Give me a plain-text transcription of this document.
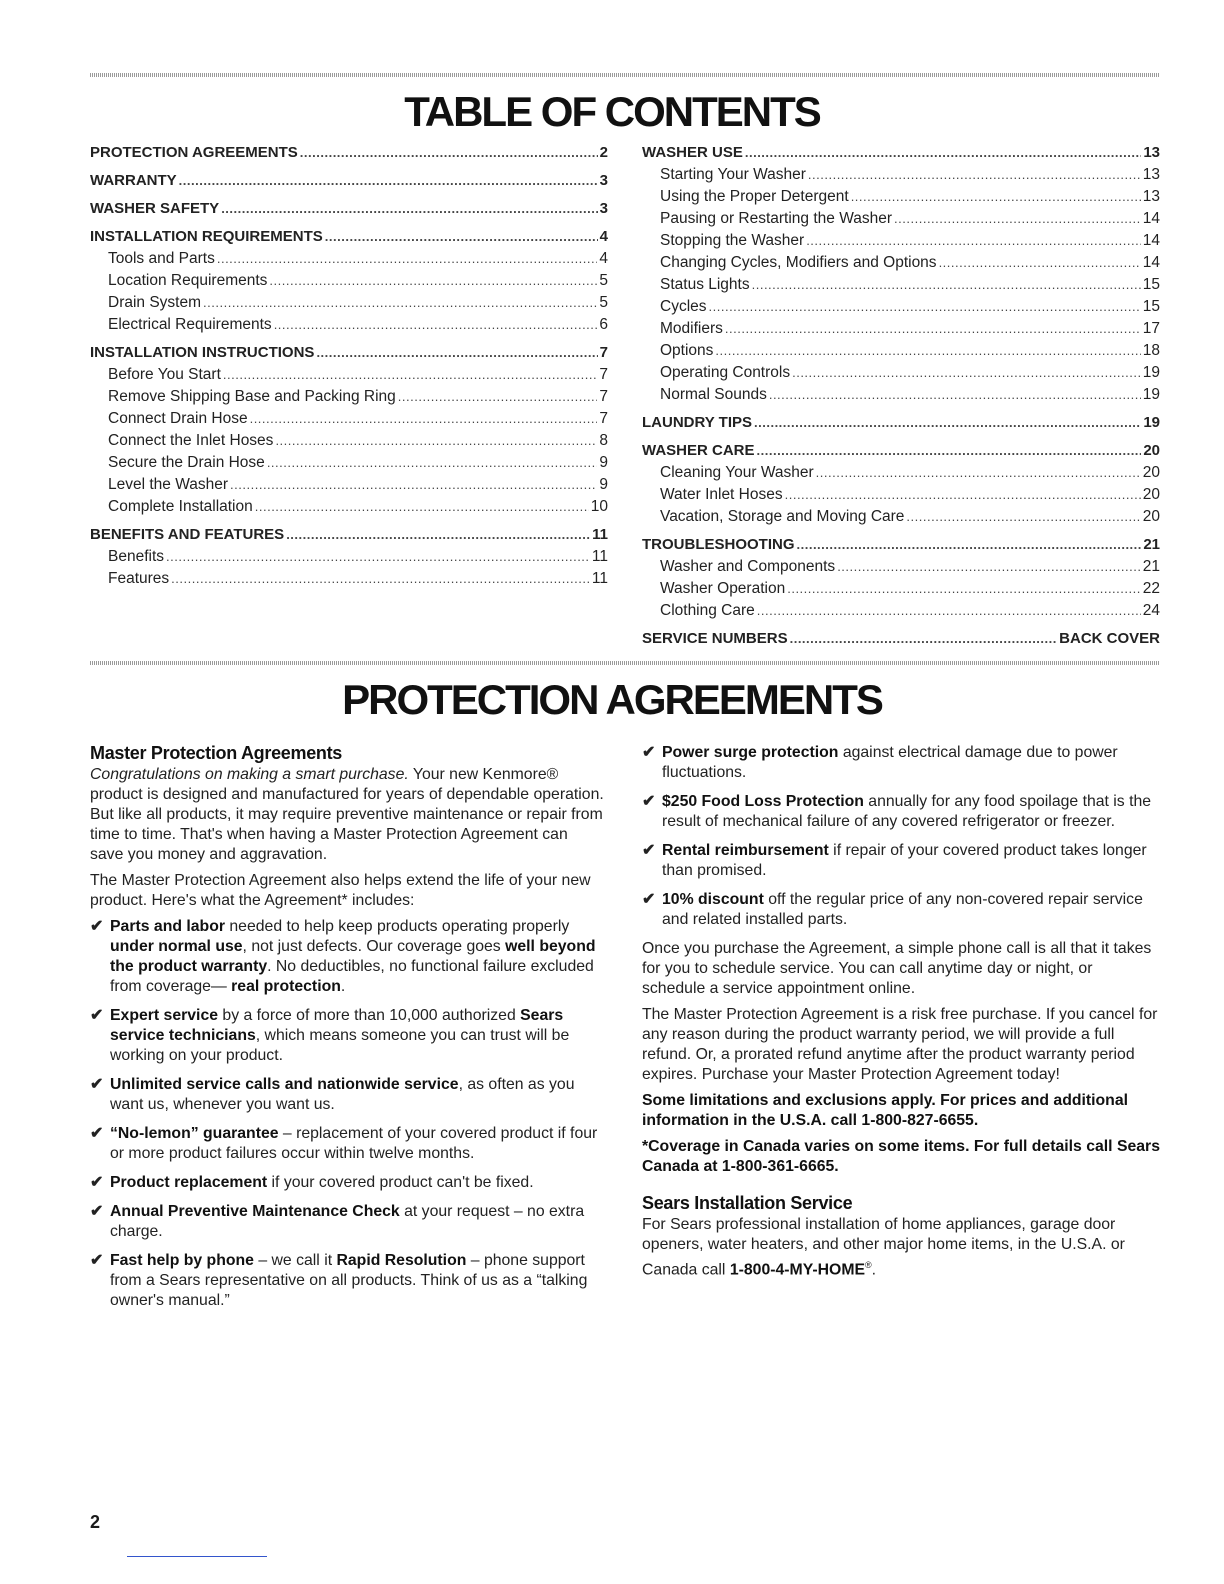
TABLE OF CONTENTS
PROTECTION AGREEMENTS .....	2
WARRANTY .....	3
WASHER SAFETY .....	3
INSTALLATION REQUIREMENTS .....	4
Tools and Parts .....	4
Location Requirements .....	5
Drain System .....	5
Electrical Requirements .....	6
INSTALLATION INSTRUCTIONS .....	7
Before You Start .....	7
Remove Shipping Base and Packing Ring .....	7
Connect Drain Hose .....	7
Connect the Inlet Hoses .....	8
Secure the Drain Hose .....	9
Level the Washer .....	9
Complete Installation .....	10
BENEFITS AND FEATURES .....	11
Benefits .....	11
Features .....	11
WASHER USE .....	13
Starting Your Washer .....	13
Using the Proper Detergent .....	13
Pausing or Restarting the Washer .....	14
Stopping the Washer .....	14
Changing Cycles, Modifiers and Options .....	14
Status Lights .....	15
Cycles .....	15
Modifiers .....	17
Options .....	18
Operating Controls .....	19
Normal Sounds .....	19
LAUNDRY TIPS .....	19
WASHER CARE .....	20
Cleaning Your Washer .....	20
Water Inlet Hoses .....	20
Vacation, Storage and Moving Care .....	20
TROUBLESHOOTING .....	21
Washer and Components .....	21
Washer Operation .....	22
Clothing Care .....	24
SERVICE NUMBERS .....	BACK COVER
PROTECTION AGREEMENTS
Master Protection Agreements

Congratulations on making a smart purchase. Your new Kenmore® product is designed and manufactured for years of dependable operation. But like all products, it may require preventive maintenance or repair from time to time. That's when having a Master Protection Agreement can save you money and aggravation.

The Master Protection Agreement also helps extend the life of your new product. Here's what the Agreement* includes:

✔ Parts and labor needed to help keep products operating properly under normal use, not just defects. Our coverage goes well beyond the product warranty. No deductibles, no functional failure excluded from coverage— real protection.
✔ Expert service by a force of more than 10,000 authorized Sears service technicians, which means someone you can trust will be working on your product.
✔ Unlimited service calls and nationwide service, as often as you want us, whenever you want us.
✔ “No-lemon” guarantee – replacement of your covered product if four or more product failures occur within twelve months.
✔ Product replacement if your covered product can't be fixed.
✔ Annual Preventive Maintenance Check at your request – no extra charge.
✔ Fast help by phone – we call it Rapid Resolution – phone support from a Sears representative on all products. Think of us as a “talking owner's manual.”
✔ Power surge protection against electrical damage due to power fluctuations.
✔ $250 Food Loss Protection annually for any food spoilage that is the result of mechanical failure of any covered refrigerator or freezer.
✔ Rental reimbursement if repair of your covered product takes longer than promised.
✔ 10% discount off the regular price of any non-covered repair service and related installed parts.

Once you purchase the Agreement, a simple phone call is all that it takes for you to schedule service. You can call anytime day or night, or schedule a service appointment online.

The Master Protection Agreement is a risk free purchase. If you cancel for any reason during the product warranty period, we will provide a full refund. Or, a prorated refund anytime after the product warranty period expires. Purchase your Master Protection Agreement today!

Some limitations and exclusions apply. For prices and additional information in the U.S.A. call 1-800-827-6655.

*Coverage in Canada varies on some items. For full details call Sears Canada at 1-800-361-6665.

Sears Installation Service

For Sears professional installation of home appliances, garage door openers, water heaters, and other major home items, in the U.S.A. or Canada call 1-800-4-MY-HOME®.

2
